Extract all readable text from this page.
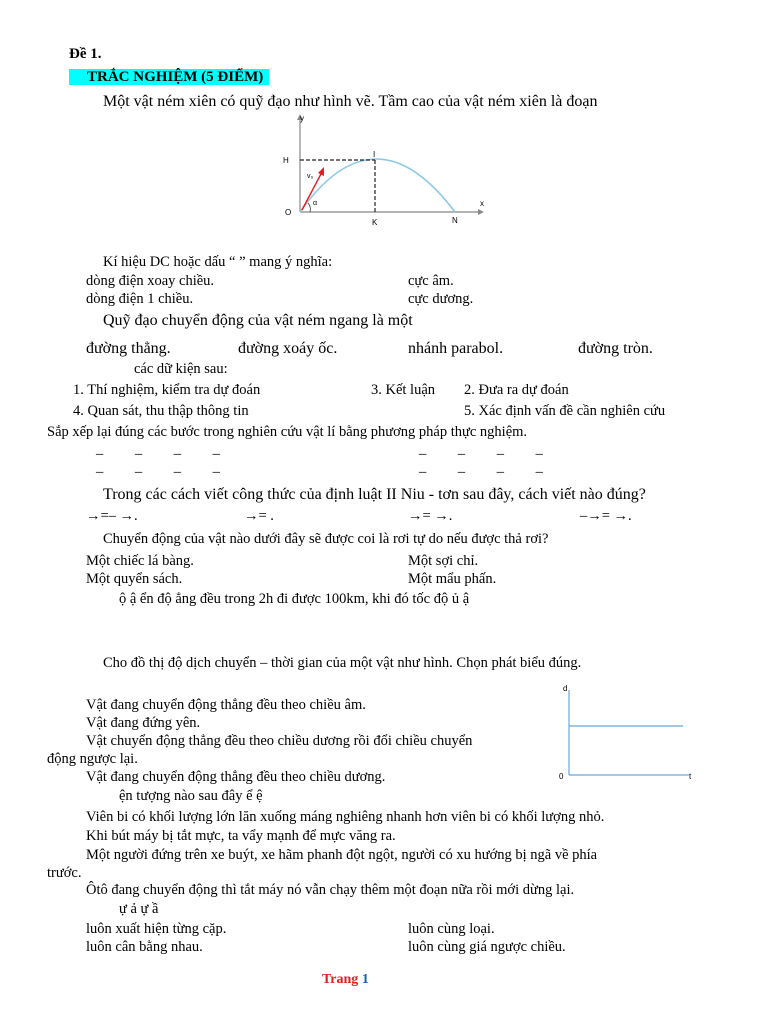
Đề 1.
TRẮC NGHIỆM (5 ĐIỂM)
Một vật ném xiên có quỹ đạo như hình vẽ. Tầm cao của vật ném xiên là đoạn
y
x
H
I
v₀
α
O
K	N
Kí hiệu DC hoặc dấu “ ” mang ý nghĩa:
dòng điện xoay chiều.	cực âm.
dòng điện 1 chiều.	cực dương.
Quỹ đạo chuyển động của vật ném ngang là một
đường thẳng.	đường xoáy ốc.	nhánh parabol.	đường tròn.
các dữ kiện sau:
1. Thí nghiệm, kiểm tra dự đoán	3. Kết luận 2. Đưa ra dự đoán
4. Quan sát, thu thập thông tin	5. Xác định vấn đề cần nghiên cứu
Sắp xếp lại đúng các bước trong nghiên cứu vật lí bằng phương pháp thực nghiệm.
– – – –	– – – –
– – – –	– – – –
Trong các cách viết công thức của định luật II Niu - tơn sau đây, cách viết nào đúng?
→=– →.	→= .	→= →.	–→= →.
Chuyển động của vật nào dưới đây sẽ được coi là rơi tự do nếu được thả rơi?
Một chiếc lá bàng.	Một sợi chỉ.
Một quyển sách.	Một mẩu phấn.
ộ ậ ển độ ẳng đều trong 2h đi được 100km, khi đó tốc độ ủ ậ
Cho đồ thị độ dịch chuyển – thời gian của một vật như hình. Chọn phát biểu đúng.
Vật đang chuyển động thẳng đều theo chiều âm.
Vật đang đứng yên.
Vật chuyển động thẳng đều theo chiều dương rồi đổi chiều chuyển
động ngược lại.
Vật đang chuyển động thẳng đều theo chiều dương.
d
t
0
ện tượng nào sau đây ể ệ
Viên bi có khối lượng lớn lăn xuống máng nghiêng nhanh hơn viên bi có khối lượng nhỏ.
Khi bút máy bị tắt mực, ta vẩy mạnh để mực văng ra.
Một người đứng trên xe buýt, xe hãm phanh đột ngột, người có xu hướng bị ngã về phía
trước.
Ôtô đang chuyển động thì tắt máy nó vẫn chạy thêm một đoạn nữa rồi mới dừng lại.
ự ả ự ầ
luôn xuất hiện từng cặp.	luôn cùng loại.
luôn cân bằng nhau.	luôn cùng giá ngược chiều.
Trang 1
